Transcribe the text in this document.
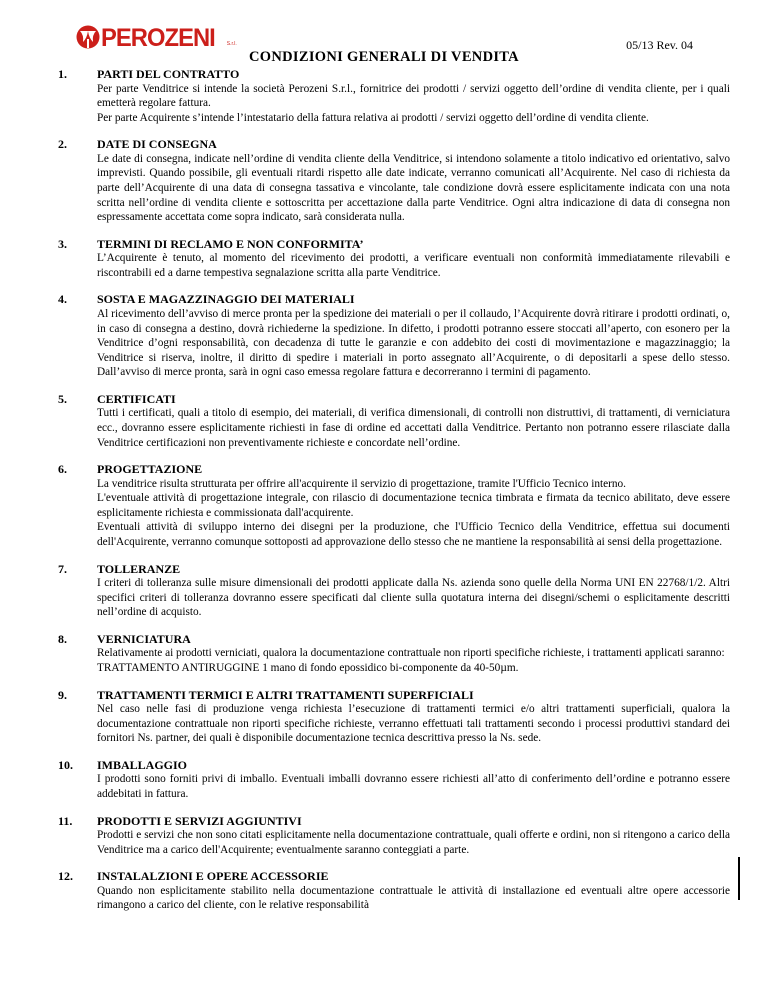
PEROZENI S.r.l.	05/13 Rev. 04
CONDIZIONI GENERALI DI VENDITA
1.	PARTI DEL CONTRATTO

Per parte Venditrice si intende la società Perozeni S.r.l., fornitrice dei prodotti / servizi oggetto dell’ordine di vendita cliente, per i quali emetterà regolare fattura.

Per parte Acquirente s’intende l’intestatario della fattura relativa ai prodotti / servizi oggetto dell’ordine di vendita cliente.

2.	DATE DI CONSEGNA

Le date di consegna, indicate nell’ordine di vendita cliente della Venditrice, si intendono solamente a titolo indicativo ed orientativo, salvo imprevisti. Quando possibile, gli eventuali ritardi rispetto alle date indicate, verranno comunicati all’Acquirente. Nel caso di richiesta da parte dell’Acquirente di una data di consegna tassativa e vincolante, tale condizione dovrà essere esplicitamente indicata con una nota scritta nell’ordine di vendita cliente e sottoscritta per accettazione dalla parte Venditrice. Ogni altra indicazione di data di consegna non espressamente accettata come sopra indicato, sarà considerata nulla.

3.	TERMINI DI RECLAMO E NON CONFORMITA’

L’Acquirente è tenuto, al momento del ricevimento dei prodotti, a verificare eventuali non conformità immediatamente rilevabili e riscontrabili ed a darne tempestiva segnalazione scritta alla parte Venditrice.

4.	SOSTA E MAGAZZINAGGIO DEI MATERIALI

Al ricevimento dell’avviso di merce pronta per la spedizione dei materiali o per il collaudo, l’Acquirente dovrà ritirare i prodotti ordinati, o, in caso di consegna a destino, dovrà richiederne la spedizione. In difetto, i prodotti potranno essere stoccati all’aperto, con esonero per la Venditrice d’ogni responsabilità, con decadenza di tutte le garanzie e con addebito dei costi di movimentazione e magazzinaggio; la Venditrice si riserva, inoltre, il diritto di spedire i materiali in porto assegnato all’Acquirente, o di depositarli a spese dello stesso. Dall’avviso di merce pronta, sarà in ogni caso emessa regolare fattura e decorreranno i termini di pagamento.

5.	CERTIFICATI

Tutti i certificati, quali a titolo di esempio, dei materiali, di verifica dimensionali, di controlli non distruttivi, di trattamenti, di verniciatura ecc., dovranno essere esplicitamente richiesti in fase di ordine ed accettati dalla Venditrice. Pertanto non potranno essere rilasciate dalla Venditrice certificazioni non preventivamente richieste e concordate nell’ordine.

6.	PROGETTAZIONE

La venditrice risulta strutturata per offrire all'acquirente il servizio di progettazione, tramite l'Ufficio Tecnico interno.

L'eventuale attività di progettazione integrale, con rilascio di documentazione tecnica timbrata e firmata da tecnico abilitato, deve essere esplicitamente richiesta e commissionata dall'acquirente.

Eventuali attività di sviluppo interno dei disegni per la produzione, che l'Ufficio Tecnico della Venditrice, effettua sui documenti dell'Acquirente, verranno comunque sottoposti ad approvazione dello stesso che ne mantiene la responsabilità ai sensi della progettazione.

7.	TOLLERANZE

I criteri di tolleranza sulle misure dimensionali dei prodotti applicate dalla Ns. azienda sono quelle della Norma UNI EN 22768/1/2. Altri specifici criteri di tolleranza dovranno essere specificati dal cliente sulla quotatura interna dei disegni/schemi o esplicitamente descritti nell’ordine di acquisto.

8.	VERNICIATURA

Relativamente ai prodotti verniciati, qualora la documentazione contrattuale non riporti specifiche richieste, i trattamenti applicati saranno:

TRATTAMENTO ANTIRUGGINE 1 mano di fondo epossidico bi-componente da 40-50µm.

9.	TRATTAMENTI TERMICI E ALTRI TRATTAMENTI SUPERFICIALI

Nel caso nelle fasi di produzione venga richiesta l’esecuzione di trattamenti termici e/o altri trattamenti superficiali, qualora la documentazione contrattuale non riporti specifiche richieste, verranno effettuati tali trattamenti secondo i processi produttivi standard dei fornitori Ns. partner, dei quali è disponibile documentazione tecnica descrittiva presso la Ns. sede.

10. IMBALLAGGIO

I prodotti sono forniti privi di imballo. Eventuali imballi dovranno essere richiesti all’atto di conferimento dell’ordine e potranno essere addebitati in fattura.

11. PRODOTTI E SERVIZI AGGIUNTIVI

Prodotti e servizi che non sono citati esplicitamente nella documentazione contrattuale, quali offerte e ordini, non si ritengono a carico della Venditrice ma a carico dell'Acquirente; eventualmente saranno conteggiati a parte.

12. INSTALALZIONI E OPERE ACCESSORIE

Quando non esplicitamente stabilito nella documentazione contrattuale le attività di installazione ed eventuali altre opere accessorie rimangono a carico del cliente, con le relative responsabilità
